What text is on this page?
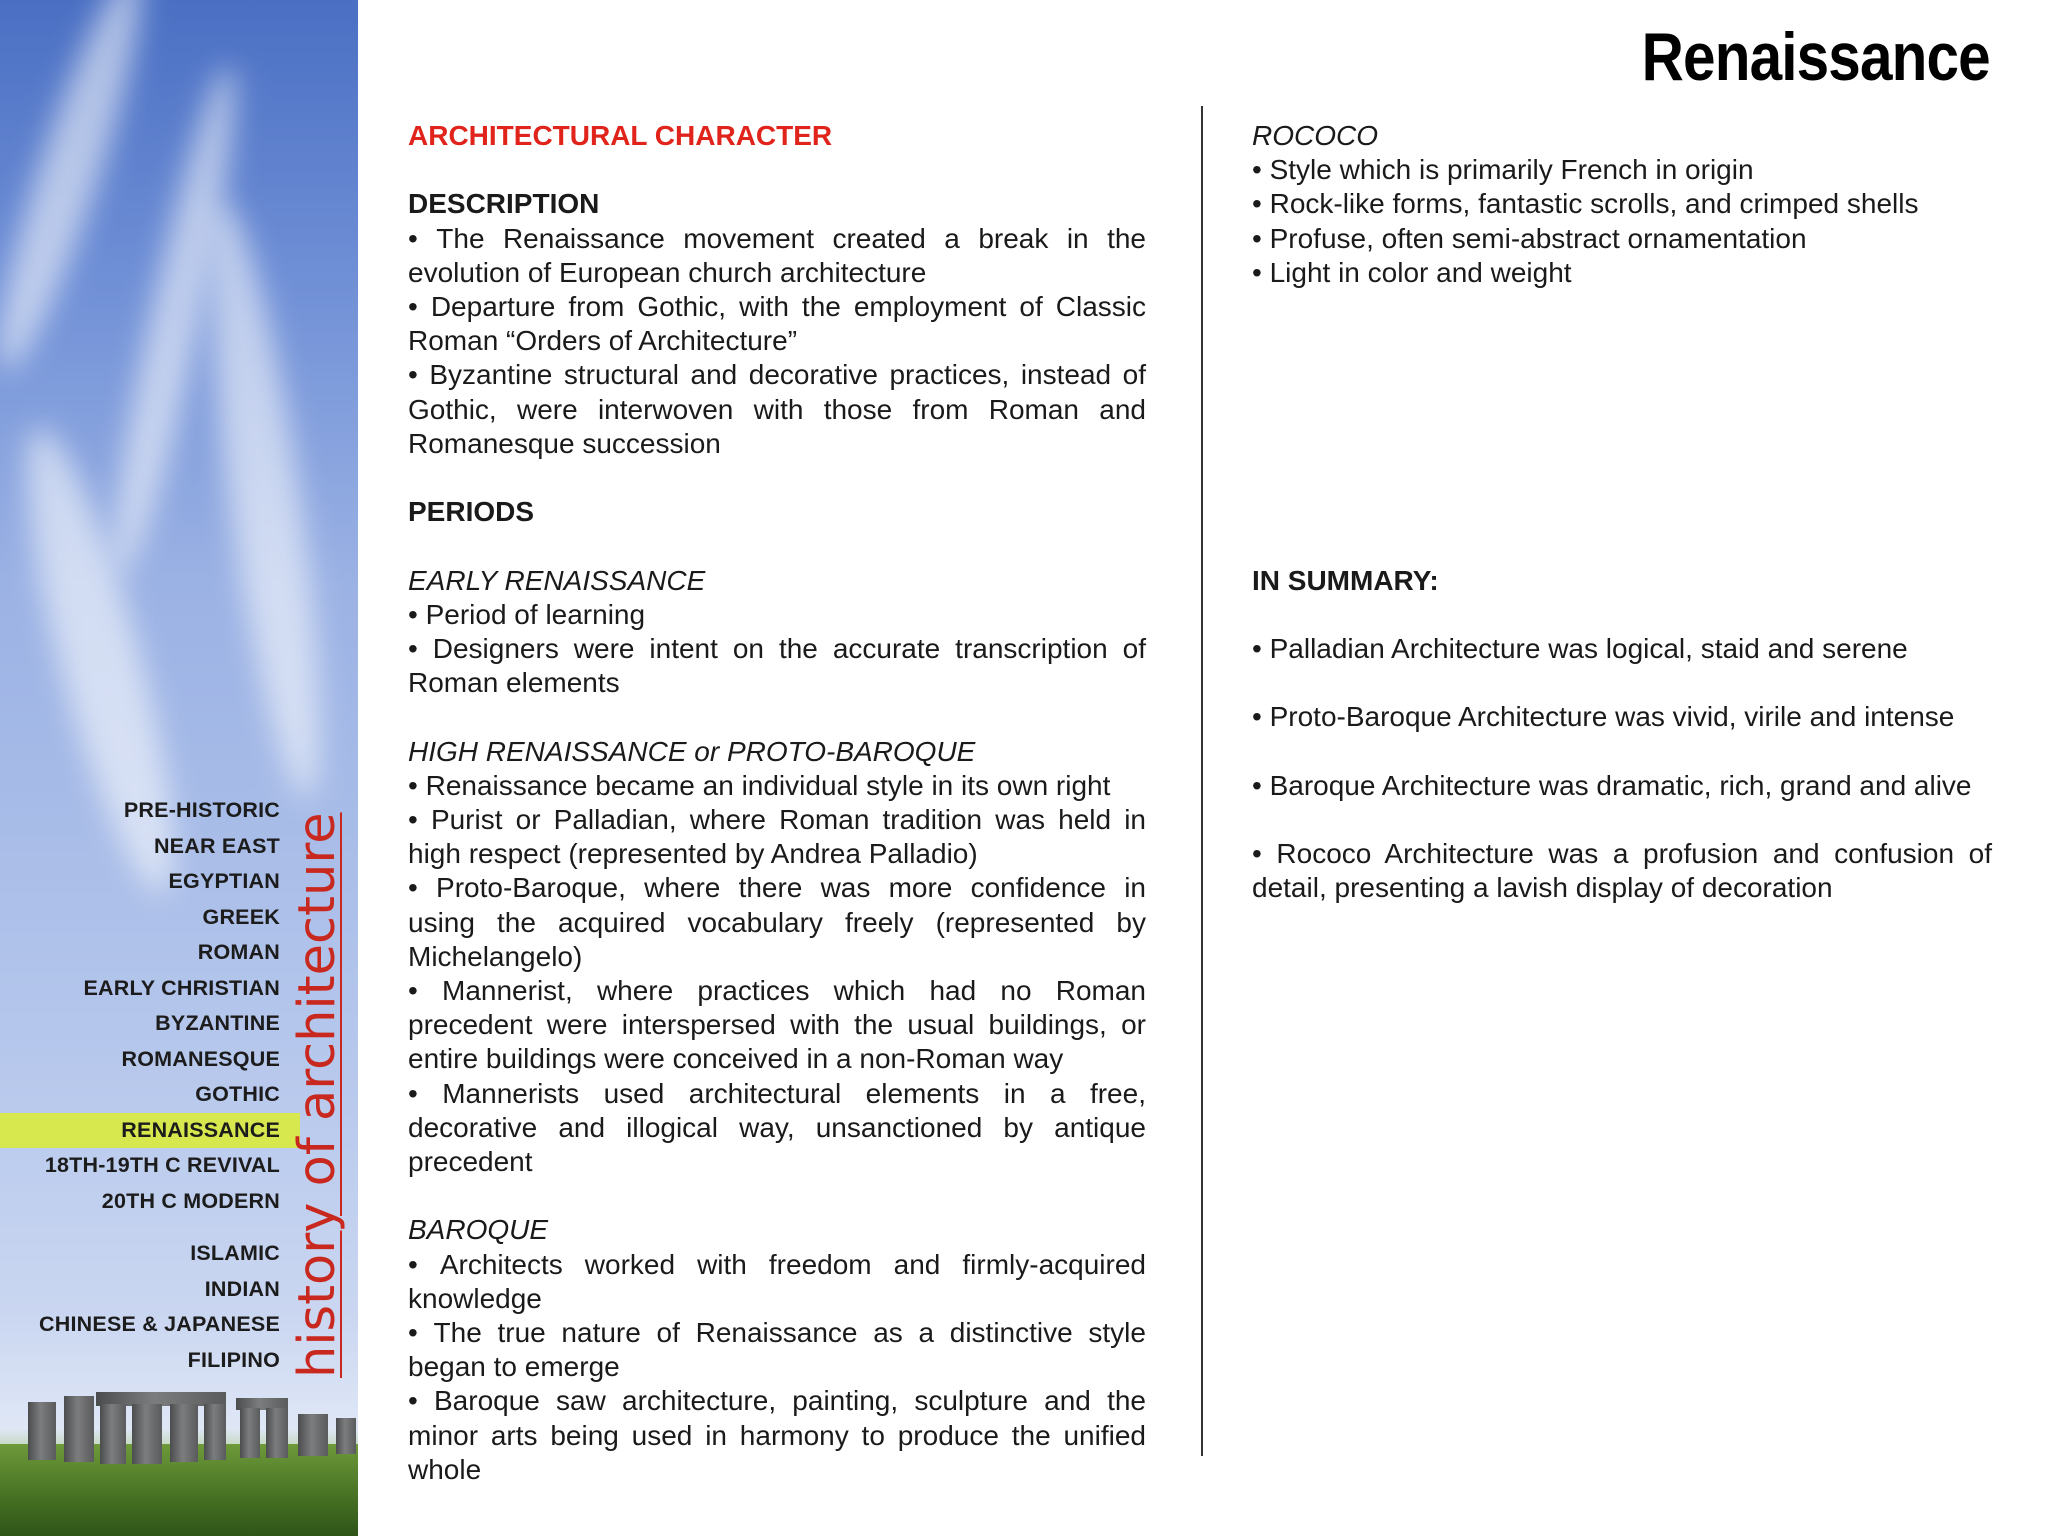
PRE-HISTORIC
NEAR EAST
EGYPTIAN
GREEK
ROMAN
EARLY CHRISTIAN
BYZANTINE
ROMANESQUE
GOTHIC
RENAISSANCE
18TH-19TH C REVIVAL
20TH C MODERN
ISLAMIC
INDIAN
CHINESE & JAPANESE
FILIPINO history of architecture
Renaissance

ARCHITECTURAL CHARACTER

DESCRIPTION

• The Renaissance movement created a break in the evolution of European church architecture

• Departure from Gothic, with the employment of Classic Roman “Orders of Architecture”

• Byzantine structural and decorative practices, instead of Gothic, were interwoven with those from Roman and Romanesque succession

PERIODS

EARLY RENAISSANCE

• Period of learning

• Designers were intent on the accurate transcription of Roman elements

HIGH RENAISSANCE or PROTO-BAROQUE

• Renaissance became an individual style in its own right

• Purist or Palladian, where Roman tradition was held in high respect (represented by Andrea Palladio)

• Proto-Baroque, where there was more confidence in using the acquired vocabulary freely (represented by Michelangelo)

• Mannerist, where practices which had no Roman precedent were interspersed with the usual buildings, or entire buildings were conceived in a non-Roman way

• Mannerists used architectural elements in a free, decorative and illogical way, unsanctioned by antique precedent

BAROQUE

• Architects worked with freedom and firmly-acquired knowledge

• The true nature of Renaissance as a distinctive style began to emerge

• Baroque saw architecture, painting, sculpture and the minor arts being used in harmony to produce the unified whole

ROCOCO

• Style which is primarily French in origin

• Rock-like forms, fantastic scrolls, and crimped shells

• Profuse, often semi-abstract ornamentation

• Light in color and weight

IN SUMMARY:

• Palladian Architecture was logical, staid and serene

• Proto-Baroque Architecture was vivid, virile and intense

• Baroque Architecture was dramatic, rich, grand and alive

• Rococo Architecture was a profusion and confusion of detail, presenting a lavish display of decoration
